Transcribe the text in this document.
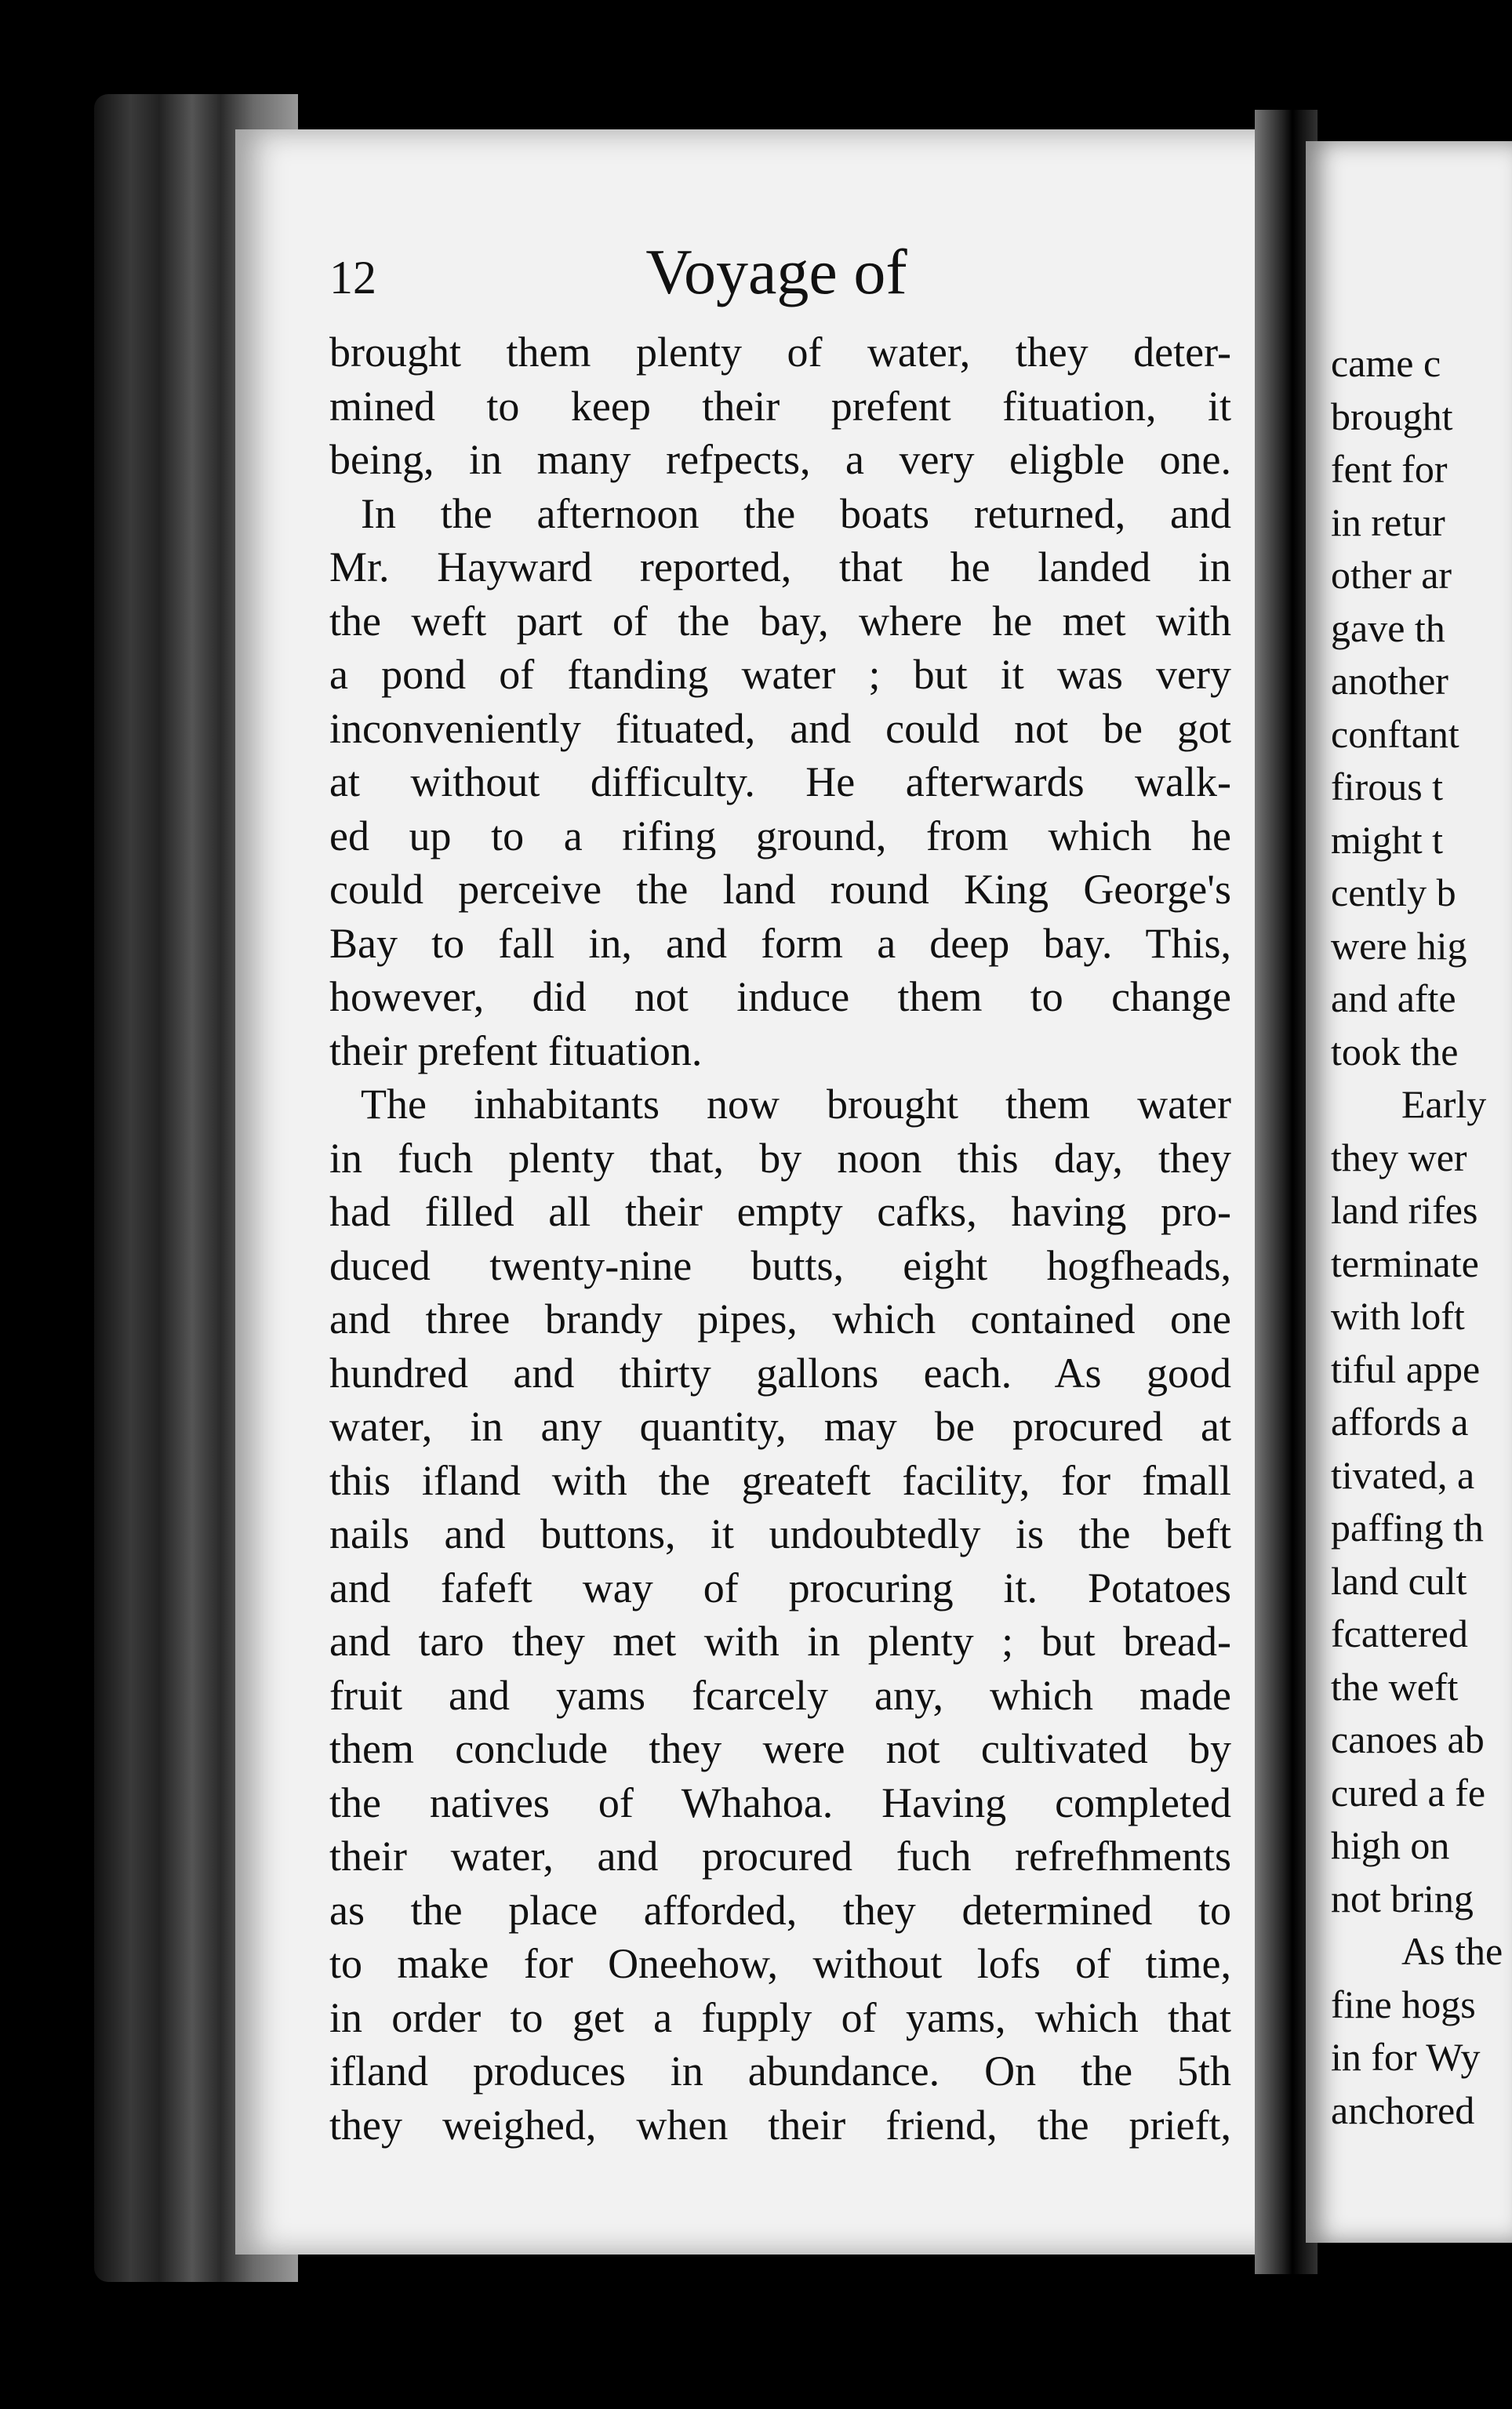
12	Voyage of
brought them plenty of water, they deter-
mined to keep their prefent fituation, it
being, in many refpects, a very eligble one.
In the afternoon the boats returned, and
Mr. Hayward reported, that he landed in
the weft part of the bay, where he met with
a pond of ftanding water ; but it was very
inconveniently fituated, and could not be got
at without difficulty. He afterwards walk-
ed up to a rifing ground, from which he
could perceive the land round King George's
Bay to fall in, and form a deep bay. This,
however, did not induce them to change
their prefent fituation.
The inhabitants now brought them water
in fuch plenty that, by noon this day, they
had filled all their empty cafks, having pro-
duced twenty-nine butts, eight hogfheads,
and three brandy pipes, which contained one
hundred and thirty gallons each. As good
water, in any quantity, may be procured at
this ifland with the greateft facility, for fmall
nails and buttons, it undoubtedly is the beft
and fafeft way of procuring it. Potatoes
and taro they met with in plenty ; but bread-
fruit and yams fcarcely any, which made
them conclude they were not cultivated by
the natives of Whahoa. Having completed
their water, and procured fuch refrefhments
as the place afforded, they determined to
to make for Oneehow, without lofs of time,
in order to get a fupply of yams, which that
ifland produces in abundance. On the 5th
they weighed, when their friend, the prieft,
came c
brought
fent for
in retur
other ar
gave th
another
conftant
firous t
might t
cently b
were hig
and afte
took the
Early
they wer
land rifes
terminate
with loft
tiful appe
affords a
tivated, a
paffing th
land cult
fcattered
the weft
canoes ab
cured a fe
high on
not bring
As the
fine hogs
in for Wy
anchored
